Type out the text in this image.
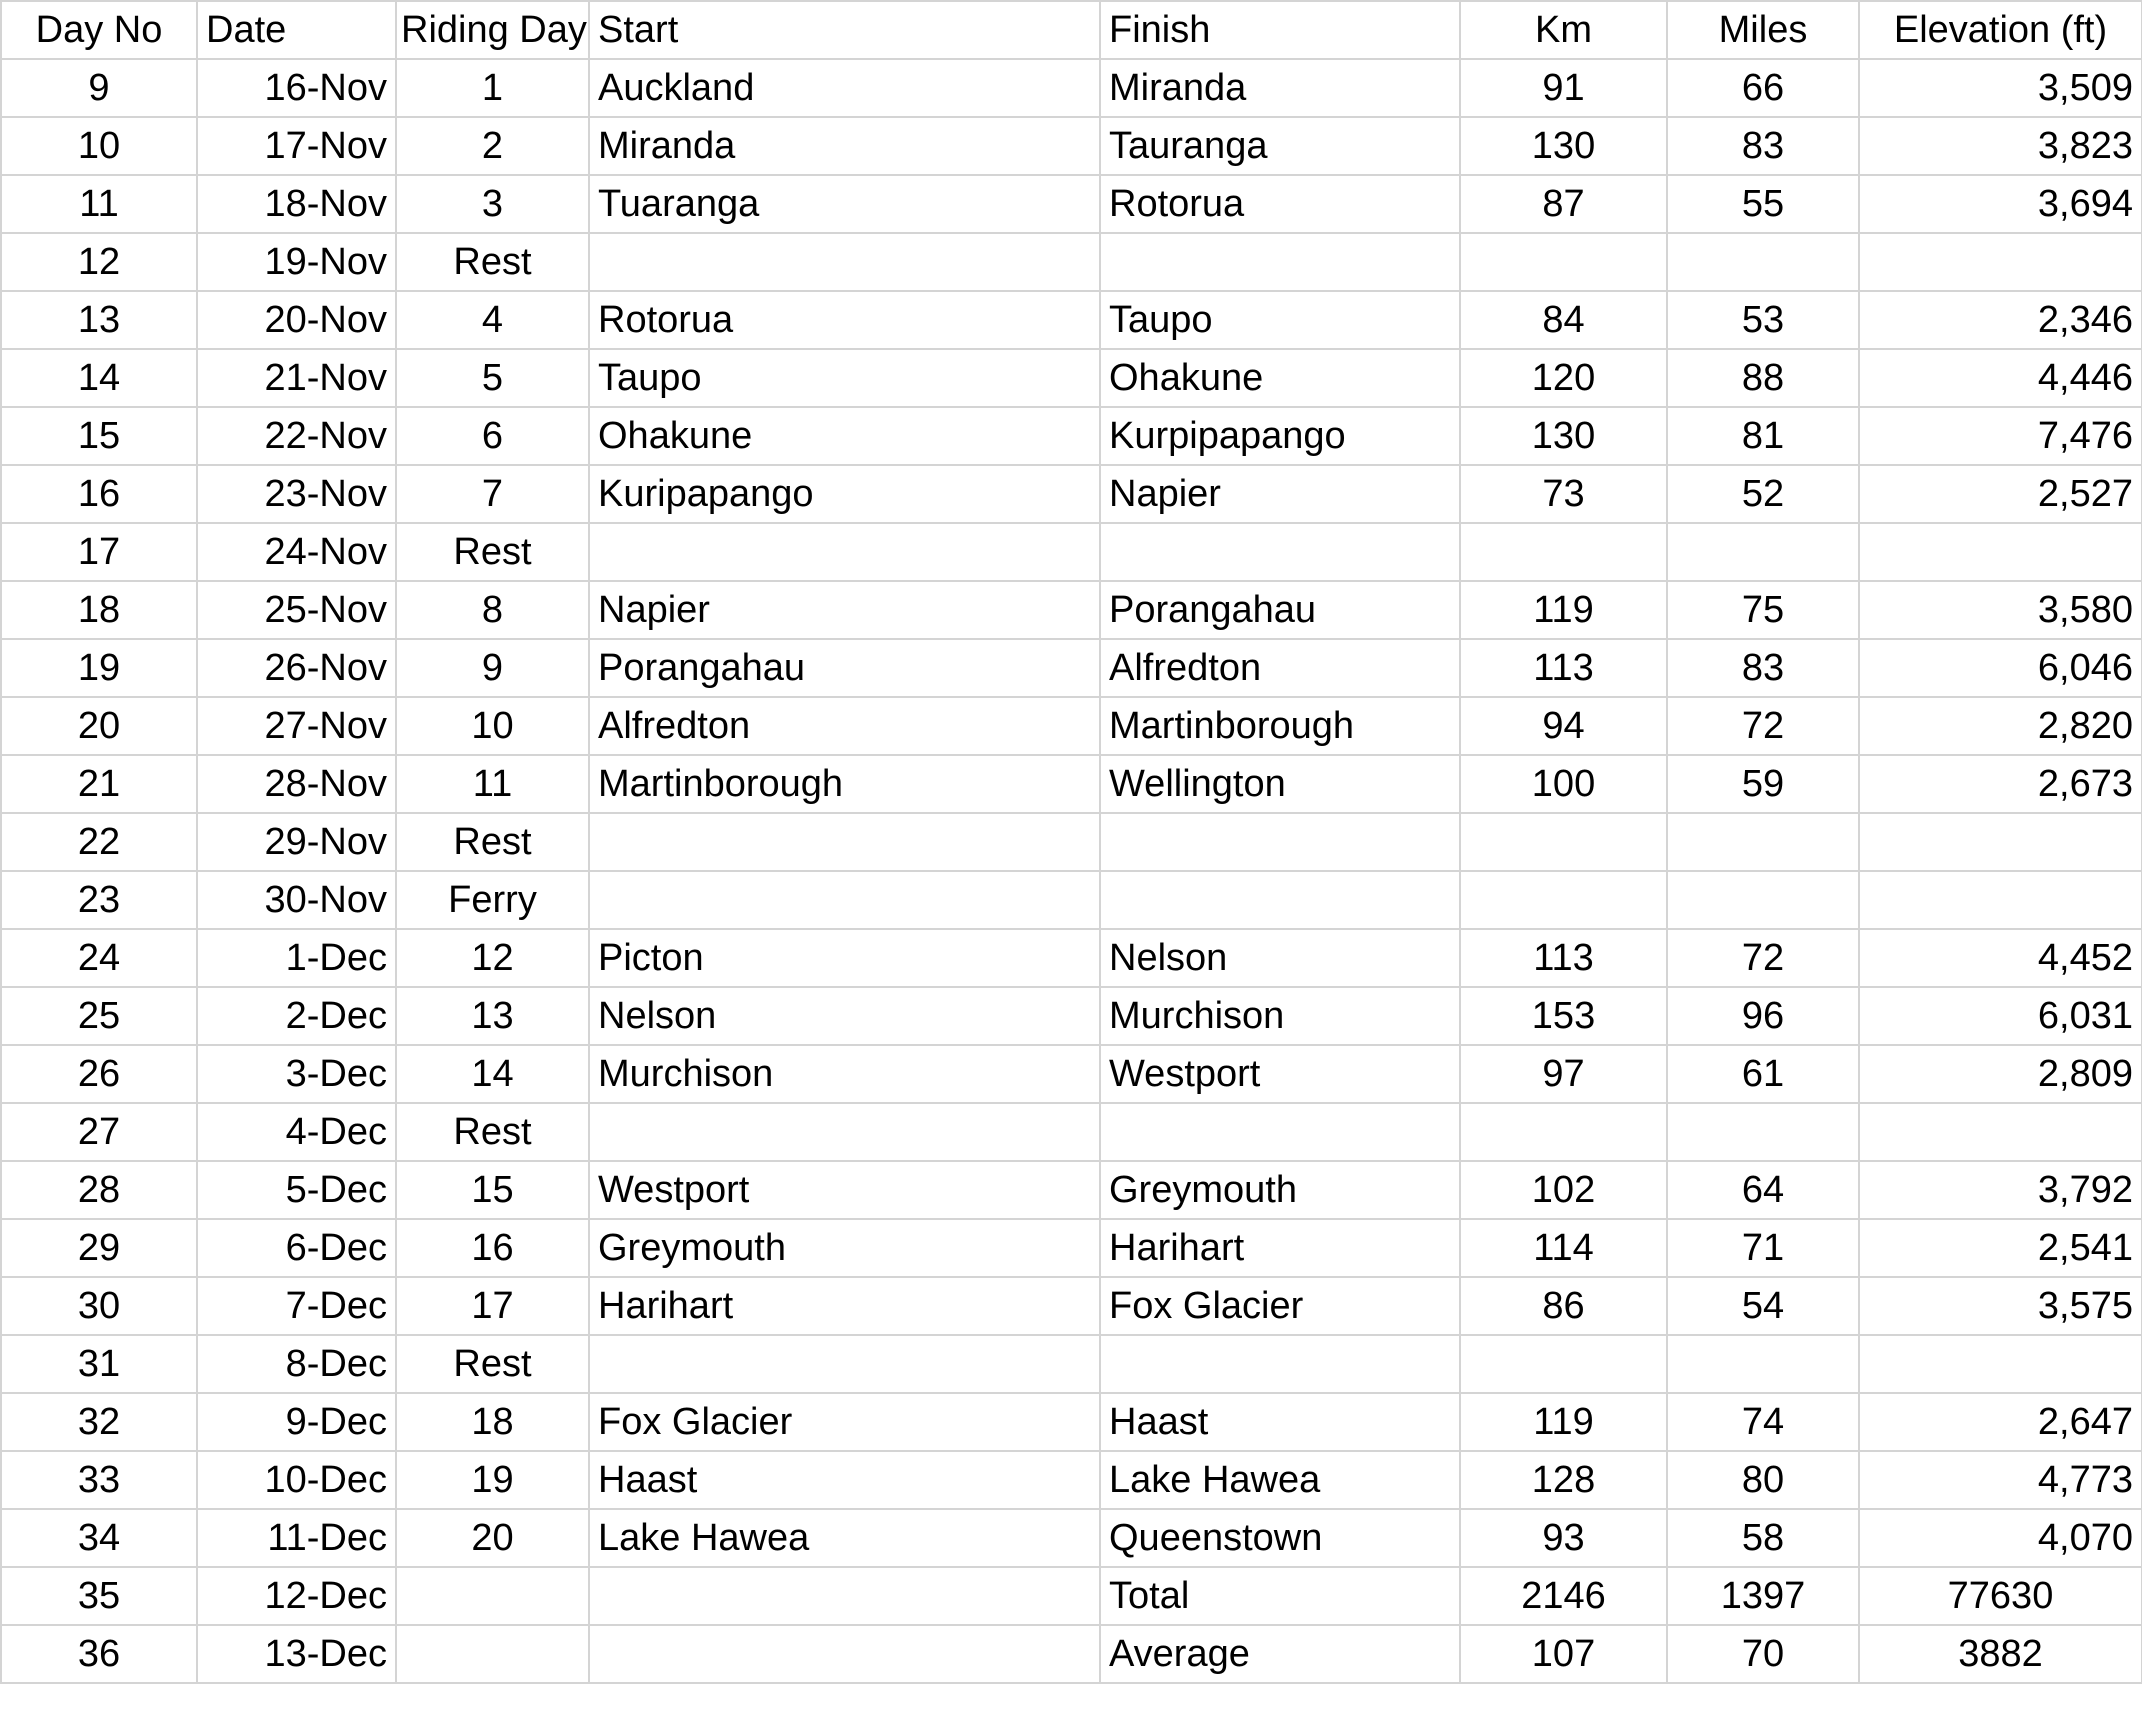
Day No	Date	Riding Day	Start	Finish	Km	Miles	Elevation (ft)
9	16-Nov	1	Auckland	Miranda	91	66	3,509
10	17-Nov	2	Miranda	Tauranga	130	83	3,823
11	18-Nov	3	Tuaranga	Rotorua	87	55	3,694
12	19-Nov	Rest					
13	20-Nov	4	Rotorua	Taupo	84	53	2,346
14	21-Nov	5	Taupo	Ohakune	120	88	4,446
15	22-Nov	6	Ohakune	Kurpipapango	130	81	7,476
16	23-Nov	7	Kuripapango	Napier	73	52	2,527
17	24-Nov	Rest					
18	25-Nov	8	Napier	Porangahau	119	75	3,580
19	26-Nov	9	Porangahau	Alfredton	113	83	6,046
20	27-Nov	10	Alfredton	Martinborough	94	72	2,820
21	28-Nov	11	Martinborough	Wellington	100	59	2,673
22	29-Nov	Rest					
23	30-Nov	Ferry					
24	1-Dec	12	Picton	Nelson	113	72	4,452
25	2-Dec	13	Nelson	Murchison	153	96	6,031
26	3-Dec	14	Murchison	Westport	97	61	2,809
27	4-Dec	Rest					
28	5-Dec	15	Westport	Greymouth	102	64	3,792
29	6-Dec	16	Greymouth	Harihart	114	71	2,541
30	7-Dec	17	Harihart	Fox Glacier	86	54	3,575
31	8-Dec	Rest					
32	9-Dec	18	Fox Glacier	Haast	119	74	2,647
33	10-Dec	19	Haast	Lake Hawea	128	80	4,773
34	11-Dec	20	Lake Hawea	Queenstown	93	58	4,070
35	12-Dec			Total	2146	1397	77630
36	13-Dec			Average	107	70	3882
